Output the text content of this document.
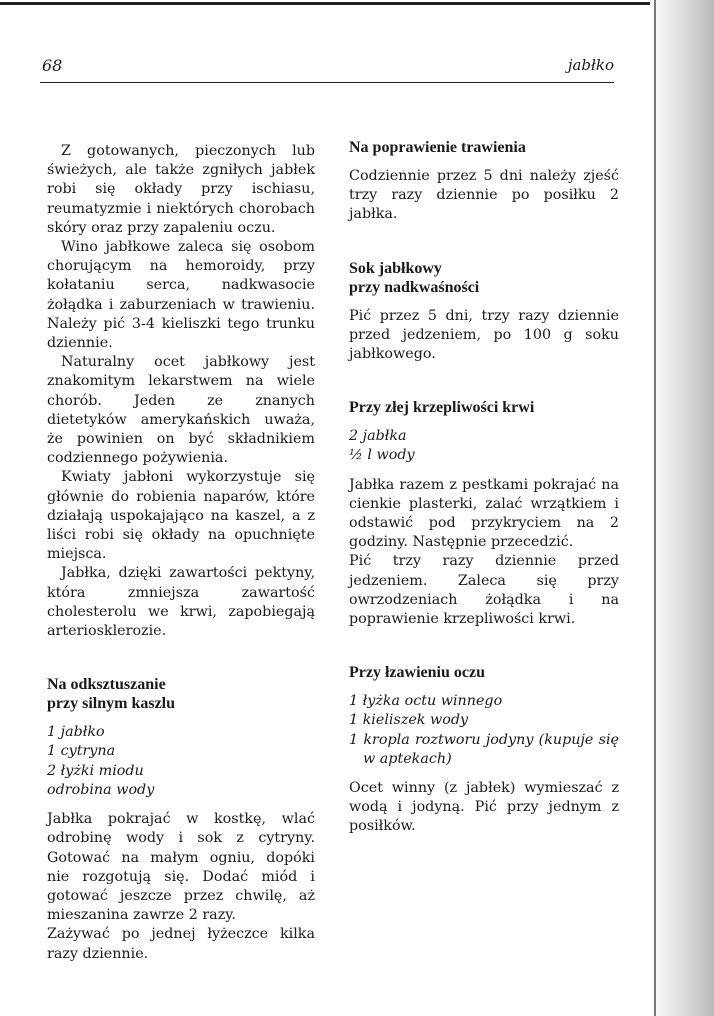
68	jabłko

Z gotowanych, pieczonych lub świeżych, ale także zgniłych jabłek robi się okłady przy ischiasu, reumatyzmie i niektórych chorobach skóry oraz przy zapaleniu oczu.

Wino jabłkowe zaleca się osobom chorującym na hemoroidy, przy kołataniu serca, nadkwasocie żołądka i zaburzeniach w trawieniu. Należy pić 3-4 kieliszki tego trunku dziennie.

Naturalny ocet jabłkowy jest znakomitym lekarstwem na wiele chorób. Jeden ze znanych dietetyków amerykańskich uważa, że powinien on być składnikiem codziennego pożywienia.

Kwiaty jabłoni wykorzystuje się głównie do robienia naparów, które działają uspokajająco na kaszel, a z liści robi się okłady na opuchnięte miejsca.

Jabłka, dzięki zawartości pektyny, która zmniejsza zawartość cholesterolu we krwi, zapobiegają arteriosklerozie.

Na odksztuszanie
przy silnym kaszlu
1 jabłko
1 cytryna
2 łyżki miodu
odrobina wody

Jabłka pokrajać w kostkę, wlać odrobinę wody i sok z cytryny. Gotować na małym ogniu, dopóki nie rozgotują się. Dodać miód i gotować jeszcze przez chwilę, aż mieszanina zawrze 2 razy.

Zażywać po jednej łyżeczce kilka razy dziennie.

Na poprawienie trawienia

Codziennie przez 5 dni należy zjeść trzy razy dziennie po posiłku 2 jabłka.

Sok jabłkowy
przy nadkwaśności

Pić przez 5 dni, trzy razy dziennie przed jedzeniem, po 100 g soku jabłkowego.

Przy złej krzepliwości krwi
2 jabłka
½ l wody

Jabłka razem z pestkami pokrajać na cienkie plasterki, zalać wrzątkiem i odstawić pod przykryciem na 2 godziny. Następnie przecedzić.

Pić trzy razy dziennie przed jedzeniem. Zaleca się przy owrzodzeniach żołądka i na poprawienie krzepliwości krwi.

Przy łzawieniu oczu
1 łyżka octu winnego
1 kieliszek wody
1 kropla roztworu jodyny (kupuje się w aptekach)

Ocet winny (z jabłek) wymieszać z wodą i jodyną. Pić przy jednym z posiłków.
